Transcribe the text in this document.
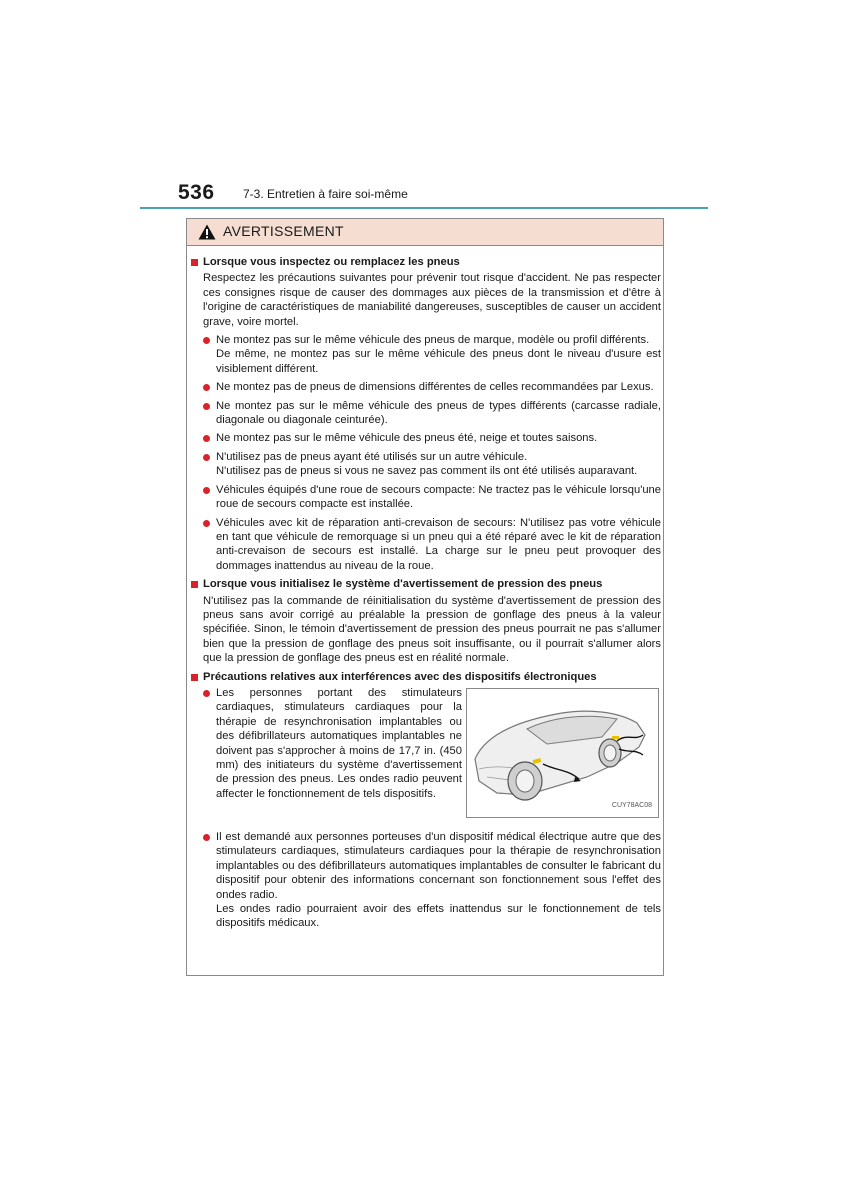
536 7-3. Entretien à faire soi-même
AVERTISSEMENT
Lorsque vous inspectez ou remplacez les pneus
Respectez les précautions suivantes pour prévenir tout risque d'accident. Ne pas respecter ces consignes risque de causer des dommages aux pièces de la transmission et d'être à l'origine de caractéristiques de maniabilité dangereuses, susceptibles de causer un accident grave, voire mortel.
Ne montez pas sur le même véhicule des pneus de marque, modèle ou profil différents.
De même, ne montez pas sur le même véhicule des pneus dont le niveau d'usure est visiblement différent.
Ne montez pas de pneus de dimensions différentes de celles recommandées par Lexus.
Ne montez pas sur le même véhicule des pneus de types différents (carcasse radiale, diagonale ou diagonale ceinturée).
Ne montez pas sur le même véhicule des pneus été, neige et toutes saisons.
N'utilisez pas de pneus ayant été utilisés sur un autre véhicule.
N'utilisez pas de pneus si vous ne savez pas comment ils ont été utilisés auparavant.
Véhicules équipés d'une roue de secours compacte: Ne tractez pas le véhicule lorsqu'une roue de secours compacte est installée.
Véhicules avec kit de réparation anti-crevaison de secours: N'utilisez pas votre véhicule en tant que véhicule de remorquage si un pneu qui a été réparé avec le kit de réparation anti-crevaison de secours est installé. La charge sur le pneu peut provoquer des dommages inattendus au niveau de la roue.
Lorsque vous initialisez le système d'avertissement de pression des pneus
N'utilisez pas la commande de réinitialisation du système d'avertissement de pression des pneus sans avoir corrigé au préalable la pression de gonflage des pneus à la valeur spécifiée. Sinon, le témoin d'avertissement de pression des pneus pourrait ne pas s'allumer bien que la pression de gonflage des pneus soit insuffisante, ou il pourrait s'allumer alors que la pression de gonflage des pneus est en réalité normale.
Précautions relatives aux interférences avec des dispositifs électroniques
Les personnes portant des stimulateurs cardiaques, stimulateurs cardiaques pour la thérapie de resynchronisation implantables ou des défibrillateurs automatiques implantables ne doivent pas s'approcher à moins de 17,7 in. (450 mm) des initiateurs du système d'avertissement de pression des pneus. Les ondes radio peuvent affecter le fonctionnement de tels dispositifs.
CUY78AC08
Il est demandé aux personnes porteuses d'un dispositif médical électrique autre que des stimulateurs cardiaques, stimulateurs cardiaques pour la thérapie de resynchronisation implantables ou des défibrillateurs automatiques implantables de consulter le fabricant du dispositif pour obtenir des informations concernant son fonctionnement sous l'effet des ondes radio.
Les ondes radio pourraient avoir des effets inattendus sur le fonctionnement de tels dispositifs médicaux.
